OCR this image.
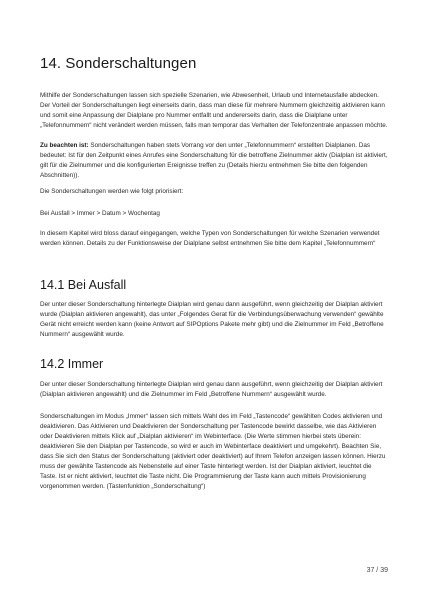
14. Sonderschaltungen

Mithilfe der Sonderschaltungen lassen sich spezielle Szenarien, wie Abwesenheit, Urlaub und Internetausfalle abdecken. Der Vorteil der Sonderschaltungen liegt einerseits darin, dass man diese für mehrere Nummern gleichzeitig aktivieren kann und somit eine Anpassung der Dialplane pro Nummer entfallt und andererseits darin, dass die Dialplane unter „Telefonnummern“ nicht verändert werden müssen, falls man temporar das Verhalten der Telefonzentrale anpassen möchte.

Zu beachten ist: Sonderschaltungen haben stets Vorrang vor den unter „Telefonnummern“ erstellten Dialplanen. Das bedeutet: Ist für den Zeitpunkt eines Anrufes eine Sonderschaltung für die betroffene Zielnummer aktiv (Dialplan ist aktiviert, gilt für die Zielnummer und die konfigurierten Ereignisse treffen zu (Details hierzu entnehmen Sie bitte den folgenden Abschnitten)).

Die Sonderschaltungen werden wie folgt priorisiert:

Bei Ausfall > Immer > Datum > Wochentag

In diesem Kapitel wird bloss darauf eingegangen, welche Typen von Sonderschaltungen für welche Szenarien verwendet werden können. Details zu der Funktionsweise der Dialplane selbst entnehmen Sie bitte dem Kapitel „Telefonnummern“

14.1 Bei Ausfall

Der unter dieser Sonderschaltung hinterlegte Dialplan wird genau dann ausgeführt, wenn gleichzeitig der Dialplan aktiviert wurde (Dialplan aktivieren angewahlt), das unter „Folgendes Gerat für die Verbindungsüberwachung verwenden“ gewählte Gerät nicht erreicht werden kann (keine Antwort auf SIPOptions Pakete mehr gibt) und die Zielnummer im Feld „Betroffene Nummern“ ausgewählt wurde.

14.2 Immer

Der unter dieser Sonderschaltung hinterlegte Dialplan wird genau dann ausgeführt, wenn gleichzeitig der Dialplan aktiviert (Dialplan aktivieren angewahlt) und die Zielnummer im Feld „Betroffene Nummern“ ausgewählt wurde.

Sonderschaltungen im Modus „Immer“ lassen sich mittels Wahl des im Feld „Tastencode“ gewählten Codes aktivieren und deaktivieren. Das Aktivieren und Deaktivieren der Sonderschaltung per Tastencode bewirkt dasselbe, wie das Aktivieren oder Deaktivieren mittels Klick auf „Dialplan aktivieren“ im Webinterface. (Die Werte stimmen hierbei stets überein: deaktivieren Sie den Dialplan per Tastencode, so wird er auch im Webinterface deaktiviert und umgekehrt). Beachten Sie, dass Sie sich den Status der Sonderschaltung (aktiviert oder deaktiviert) auf Ihrem Telefon anzeigen lassen können. Hierzu muss der gewählte Tastencode als Nebenstelle auf einer Taste hinterlegt werden. Ist der Dialplan aktiviert, leuchtet die Taste. Ist er nicht aktiviert, leuchtet die Taste nicht. Die Programmierung der Taste kann auch mittels Provisionierung vorgenommen werden. (Tastenfunktion „Sonderschaltung“)

37 / 39
